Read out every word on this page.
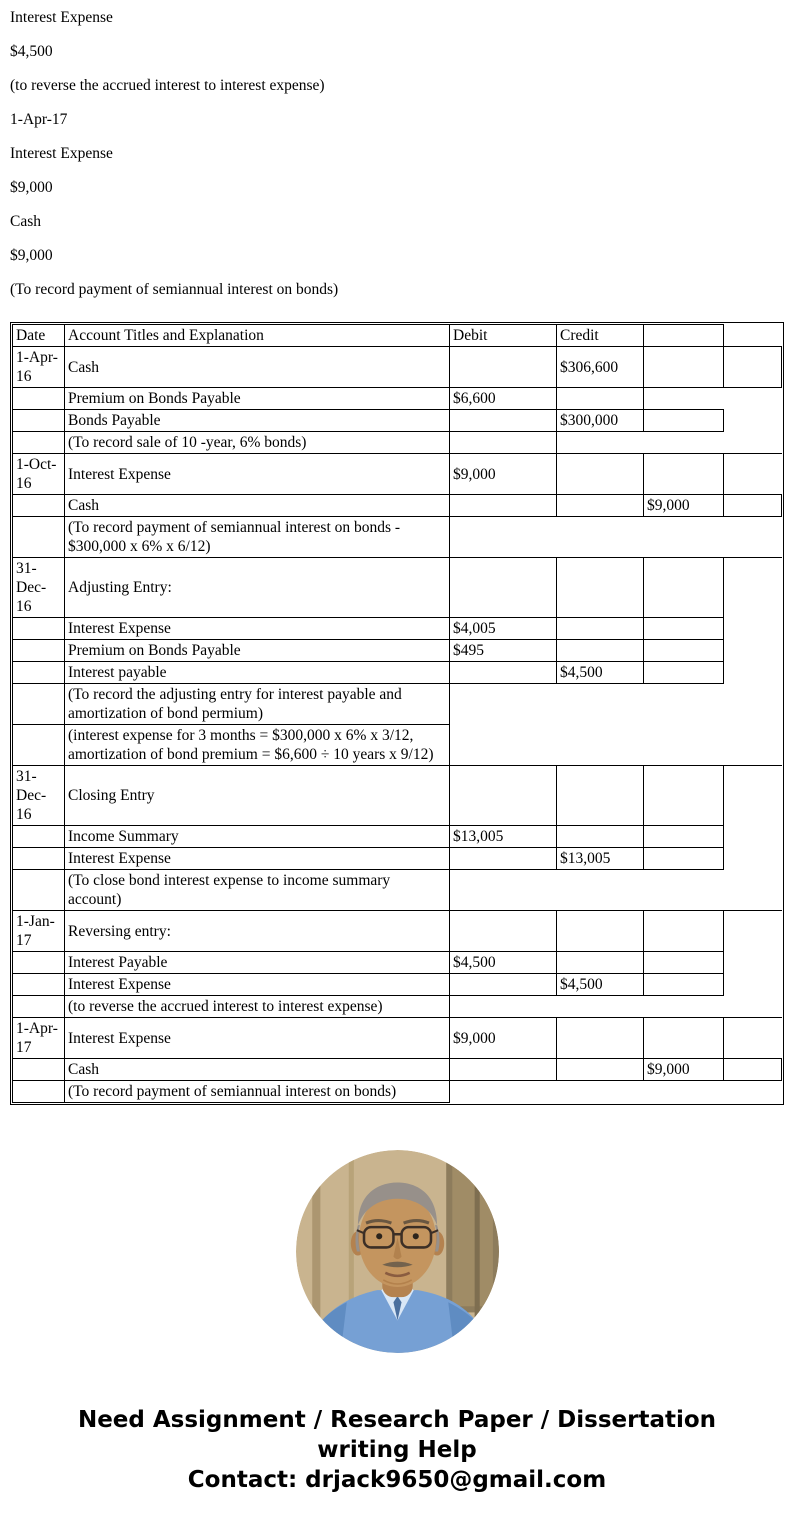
Interest Expense

$4,500

(to reverse the accrued interest to interest expense)

1-Apr-17

Interest Expense

$9,000

Cash

$9,000

(To record payment of semiannual interest on bonds)

Date	Account Titles and Explanation	Debit	Credit		
1-Apr-16	Cash		$306,600		
	Premium on Bonds Payable	$6,600			
	Bonds Payable		$300,000		
	(To record sale of 10 -year, 6% bonds)				
1-Oct-16	Interest Expense	$9,000			
	Cash			$9,000	
	(To record payment of semiannual interest on bonds - $300,000 x 6% x 6/12)				
31-Dec-16	Adjusting Entry:				
	Interest Expense	$4,005			
	Premium on Bonds Payable	$495			
	Interest payable		$4,500		
	(To record the adjusting entry for interest payable and amortization of bond permium)				
	(interest expense for 3 months = $300,000 x 6% x 3/12, amortization of bond premium = $6,600 ÷ 10 years x 9/12)				
31-Dec-16	Closing Entry				
	Income Summary	$13,005			
	Interest Expense		$13,005		
	(To close bond interest expense to income summary account)				
1-Jan-17	Reversing entry:				
	Interest Payable	$4,500			
	Interest Expense		$4,500		
	(to reverse the accrued interest to interest expense)				
1-Apr-17	Interest Expense	$9,000			
	Cash			$9,000	
	(To record payment of semiannual interest on bonds)				
Need Assignment / Research Paper / Dissertation
writing Help
Contact: drjack9650@gmail.com
